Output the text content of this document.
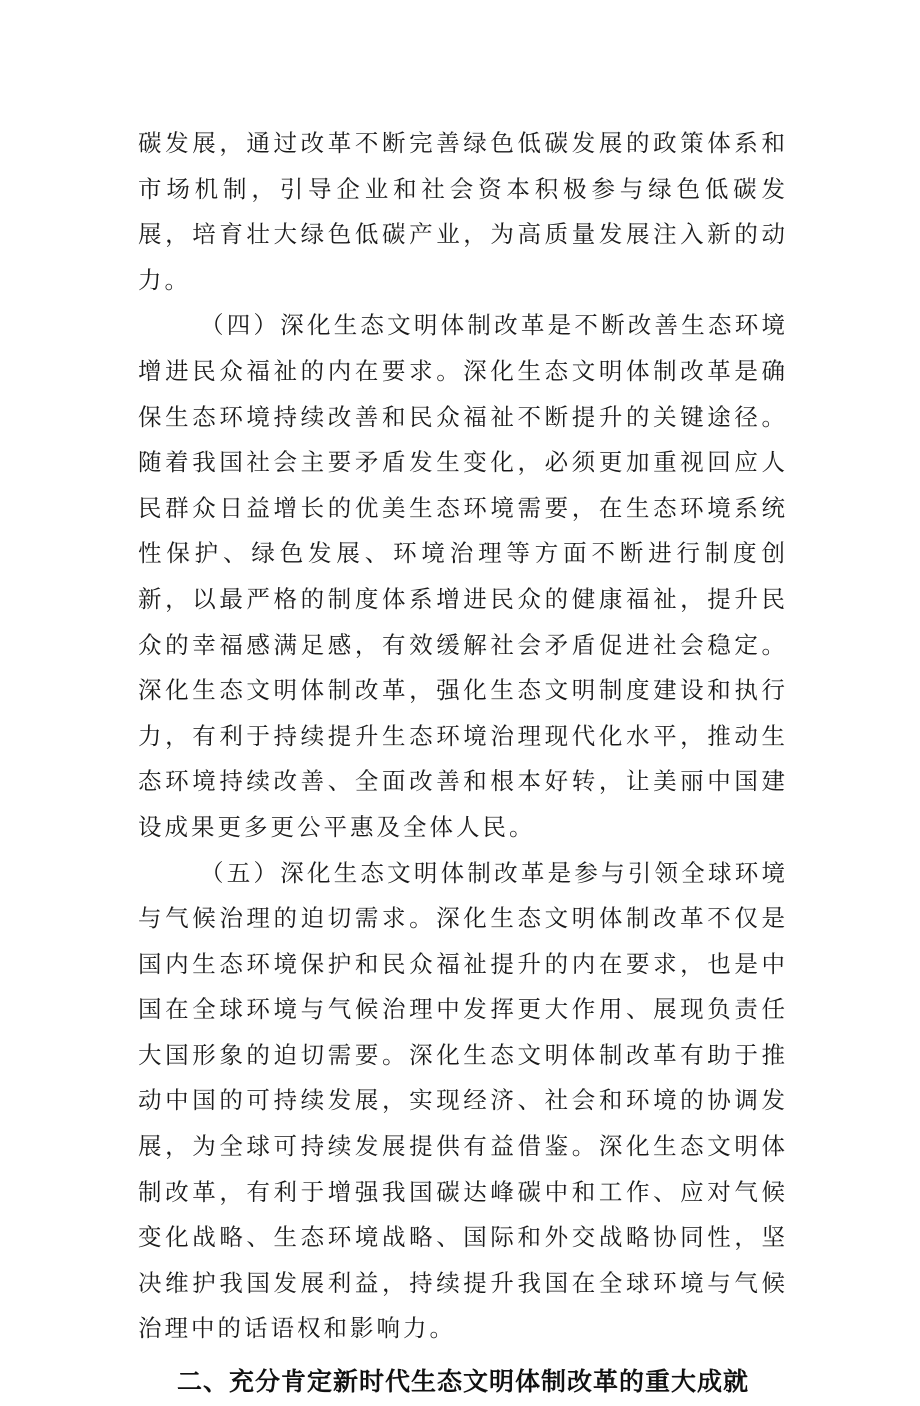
碳发展，通过改革不断完善绿色低碳发展的政策体系和市场机制，引导企业和社会资本积极参与绿色低碳发展，培育壮大绿色低碳产业，为高质量发展注入新的动力。

（四）深化生态文明体制改革是不断改善生态环境增进民众福祉的内在要求。深化生态文明体制改革是确保生态环境持续改善和民众福祉不断提升的关键途径。随着我国社会主要矛盾发生变化，必须更加重视回应人民群众日益增长的优美生态环境需要，在生态环境系统性保护、绿色发展、环境治理等方面不断进行制度创新，以最严格的制度体系增进民众的健康福祉，提升民众的幸福感满足感，有效缓解社会矛盾促进社会稳定。深化生态文明体制改革，强化生态文明制度建设和执行力，有利于持续提升生态环境治理现代化水平，推动生态环境持续改善、全面改善和根本好转，让美丽中国建设成果更多更公平惠及全体人民。

（五）深化生态文明体制改革是参与引领全球环境与气候治理的迫切需求。深化生态文明体制改革不仅是国内生态环境保护和民众福祉提升的内在要求，也是中国在全球环境与气候治理中发挥更大作用、展现负责任大国形象的迫切需要。深化生态文明体制改革有助于推动中国的可持续发展，实现经济、社会和环境的协调发展，为全球可持续发展提供有益借鉴。深化生态文明体制改革，有利于增强我国碳达峰碳中和工作、应对气候变化战略、生态环境战略、国际和外交战略协同性，坚决维护我国发展利益，持续提升我国在全球环境与气候治理中的话语权和影响力。

二、充分肯定新时代生态文明体制改革的重大成就
